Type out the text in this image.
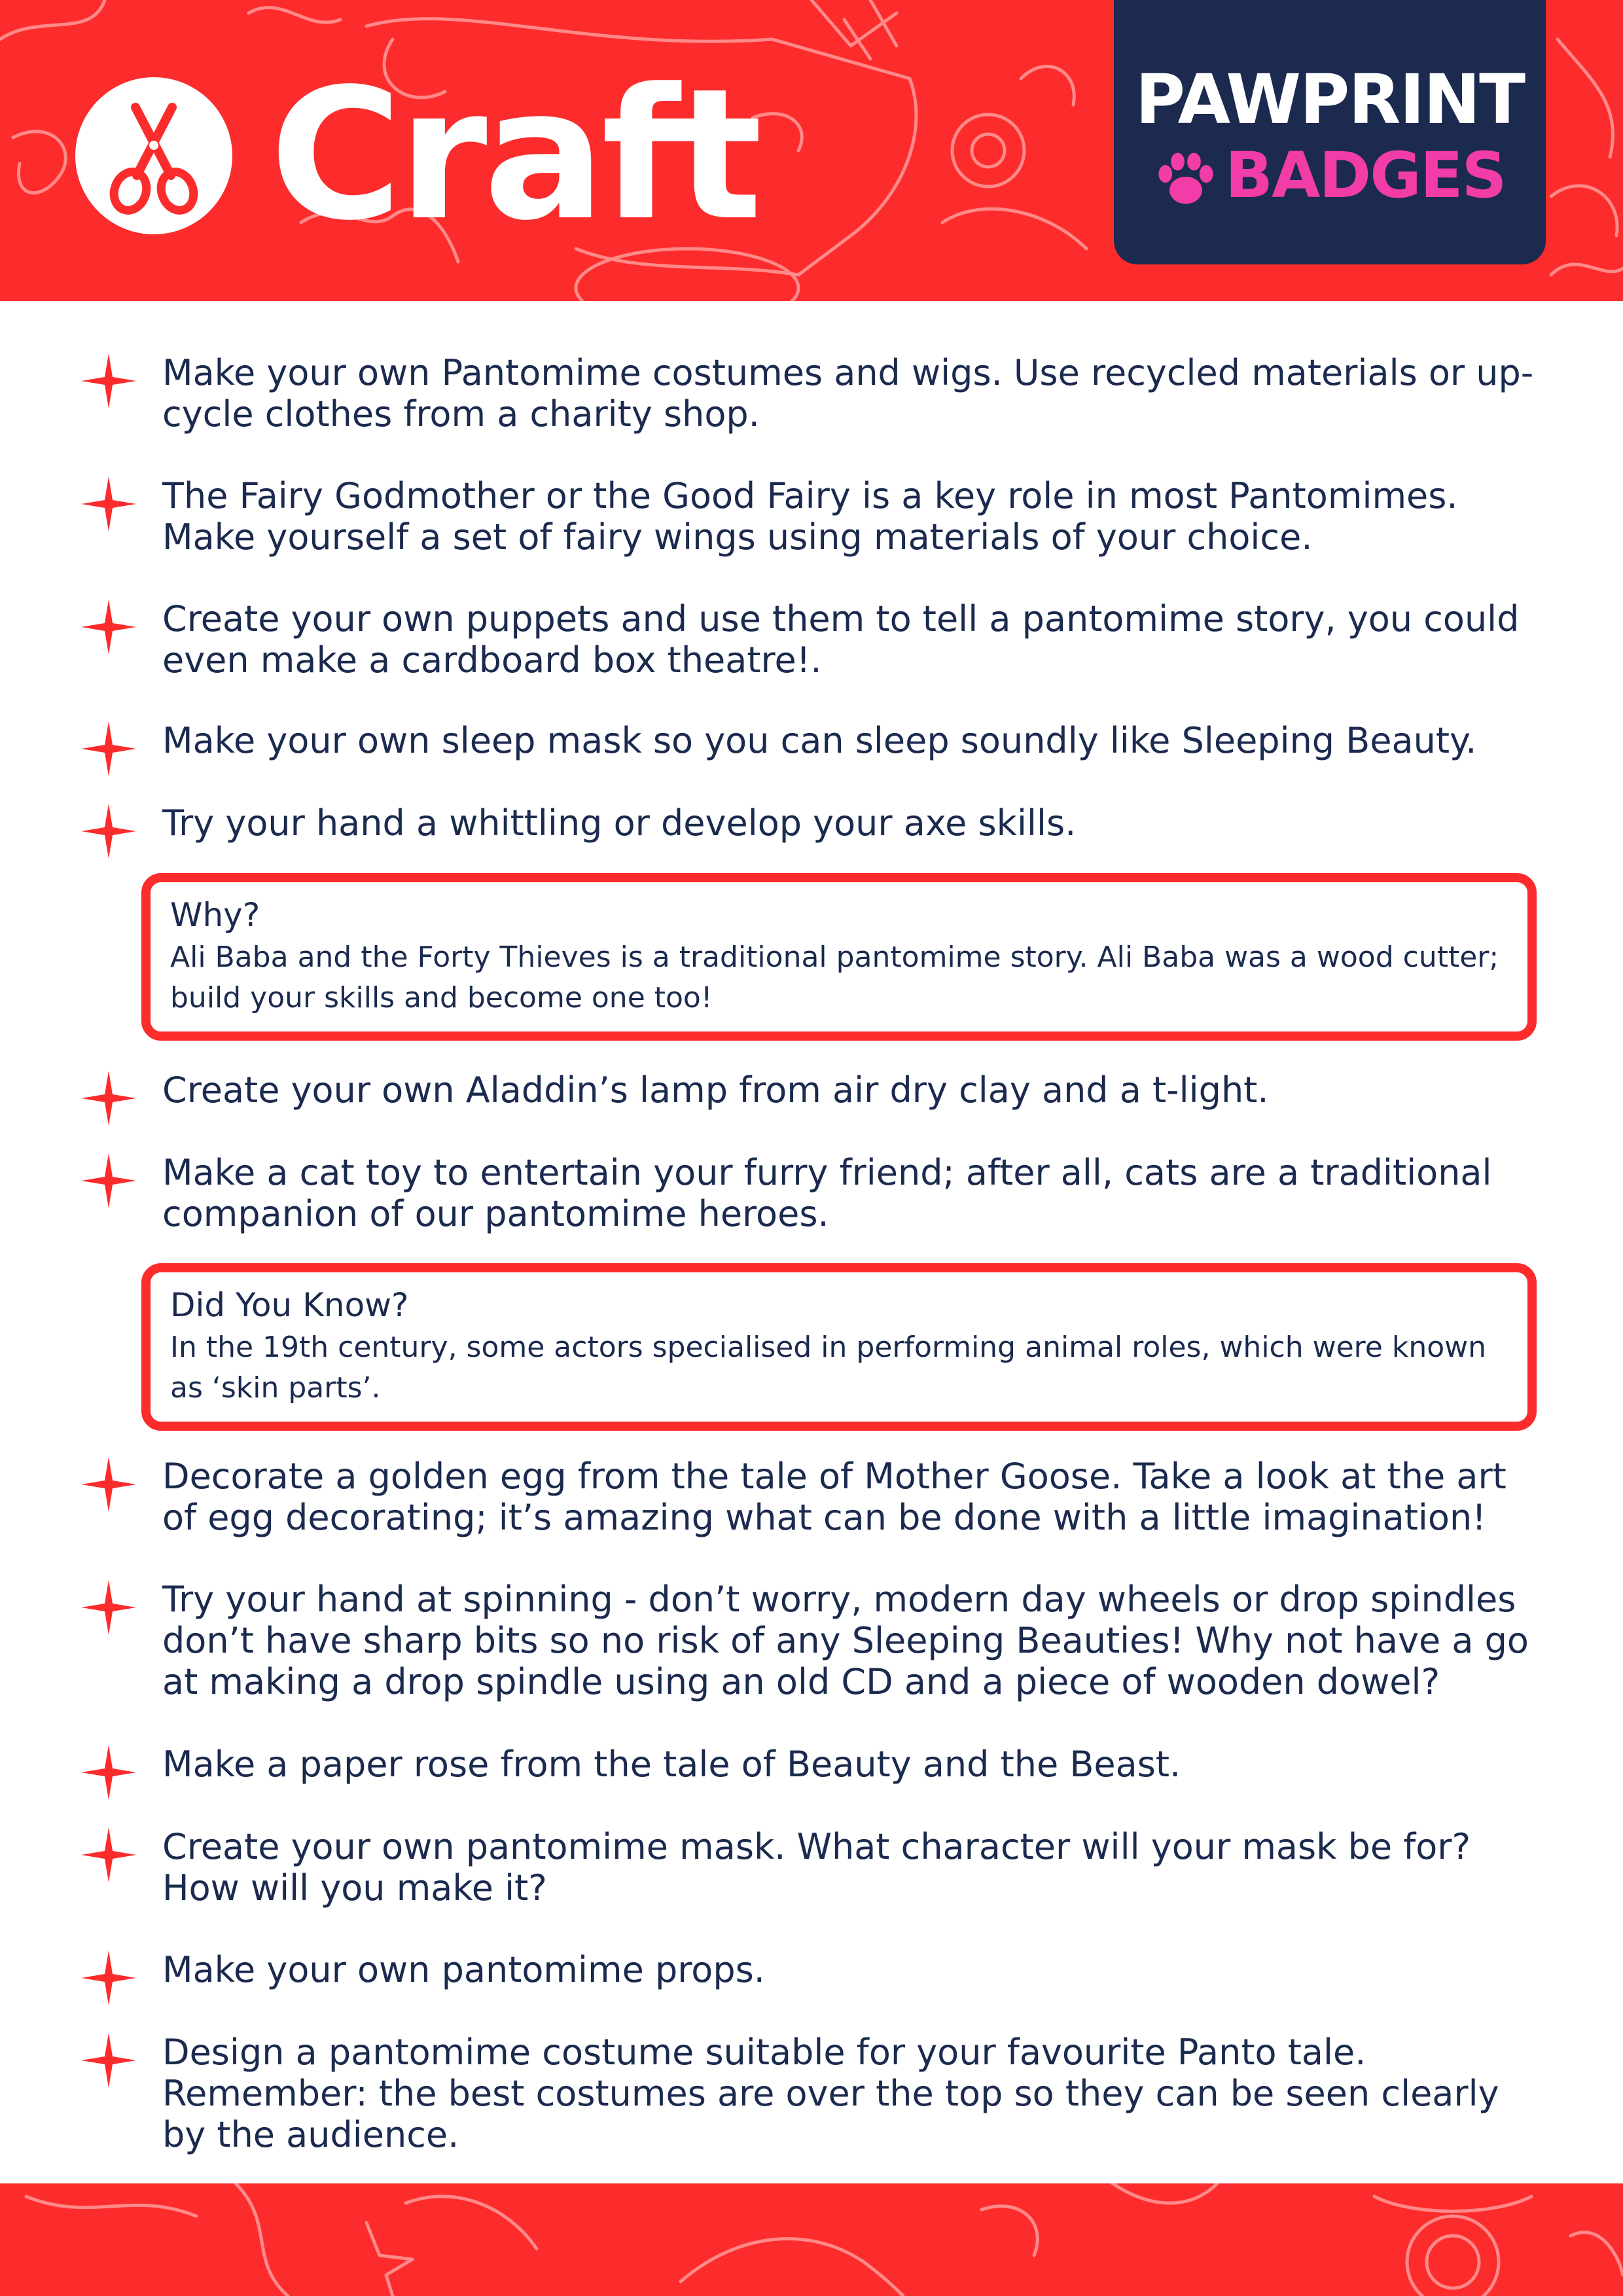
Craft	PAWPRINT
BADGES

Make your own Pantomime costumes and wigs. Use recycled materials or up-cycle clothes from a charity shop.

The Fairy Godmother or the Good Fairy is a key role in most Pantomimes. Make yourself a set of fairy wings using materials of your choice.

Create your own puppets and use them to tell a pantomime story, you could even make a cardboard box theatre!.

Make your own sleep mask so you can sleep soundly like Sleeping Beauty.

Try your hand a whittling or develop your axe skills.

Why?

Ali Baba and the Forty Thieves is a traditional pantomime story. Ali Baba was a wood cutter; build your skills and become one too!

Create your own Aladdin’s lamp from air dry clay and a t-light.

Make a cat toy to entertain your furry friend; after all, cats are a traditional companion of our pantomime heroes.

Did You Know?

In the 19th century, some actors specialised in performing animal roles, which were known as ‘skin parts’.

Decorate a golden egg from the tale of Mother Goose. Take a look at the art of egg decorating; it’s amazing what can be done with a little imagination!

Try your hand at spinning - don’t worry, modern day wheels or drop spindles don’t have sharp bits so no risk of any Sleeping Beauties! Why not have a go at making a drop spindle using an old CD and a piece of wooden dowel?

Make a paper rose from the tale of Beauty and the Beast.

Create your own pantomime mask. What character will your mask be for? How will you make it?

Make your own pantomime props.

Design a pantomime costume suitable for your favourite Panto tale. Remember: the best costumes are over the top so they can be seen clearly by the audience.
